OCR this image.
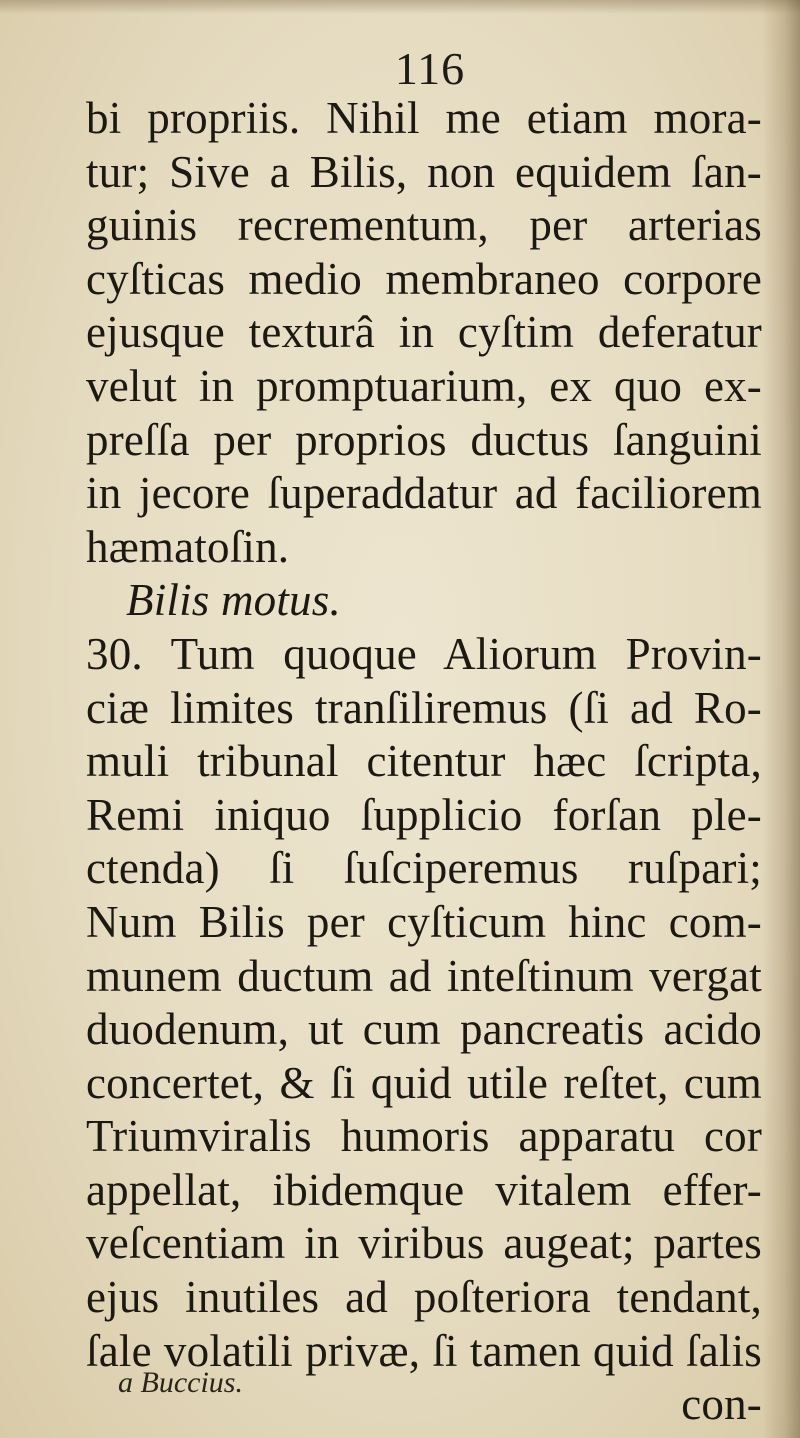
116
bi propriis. Nihil me etiam mora-
tur; Sive a Bilis, non equidem ſan-
guinis recrementum, per arterias
cyſticas medio membraneo corpore
ejusque texturâ in cyſtim deferatur
velut in promptuarium, ex quo ex-
preſſa per proprios ductus ſanguini
in jecore ſuperaddatur ad faciliorem
hæmatoſin.
Bilis motus.
30. Tum quoque Aliorum Provin-
ciæ limites tranſiliremus (ſi ad Ro-
muli tribunal citentur hæc ſcripta,
Remi iniquo ſupplicio forſan ple-
ctenda) ſi ſuſciperemus ruſpari;
Num Bilis per cyſticum hinc com-
munem ductum ad inteſtinum vergat
duodenum, ut cum pancreatis acido
concertet, & ſi quid utile reſtet, cum
Triumviralis humoris apparatu cor
appellat, ibidemque vitalem effer-
veſcentiam in viribus augeat; partes
ejus inutiles ad poſteriora tendant,
ſale volatili privæ, ſi tamen quid ſalis
con-
a Buccius.
